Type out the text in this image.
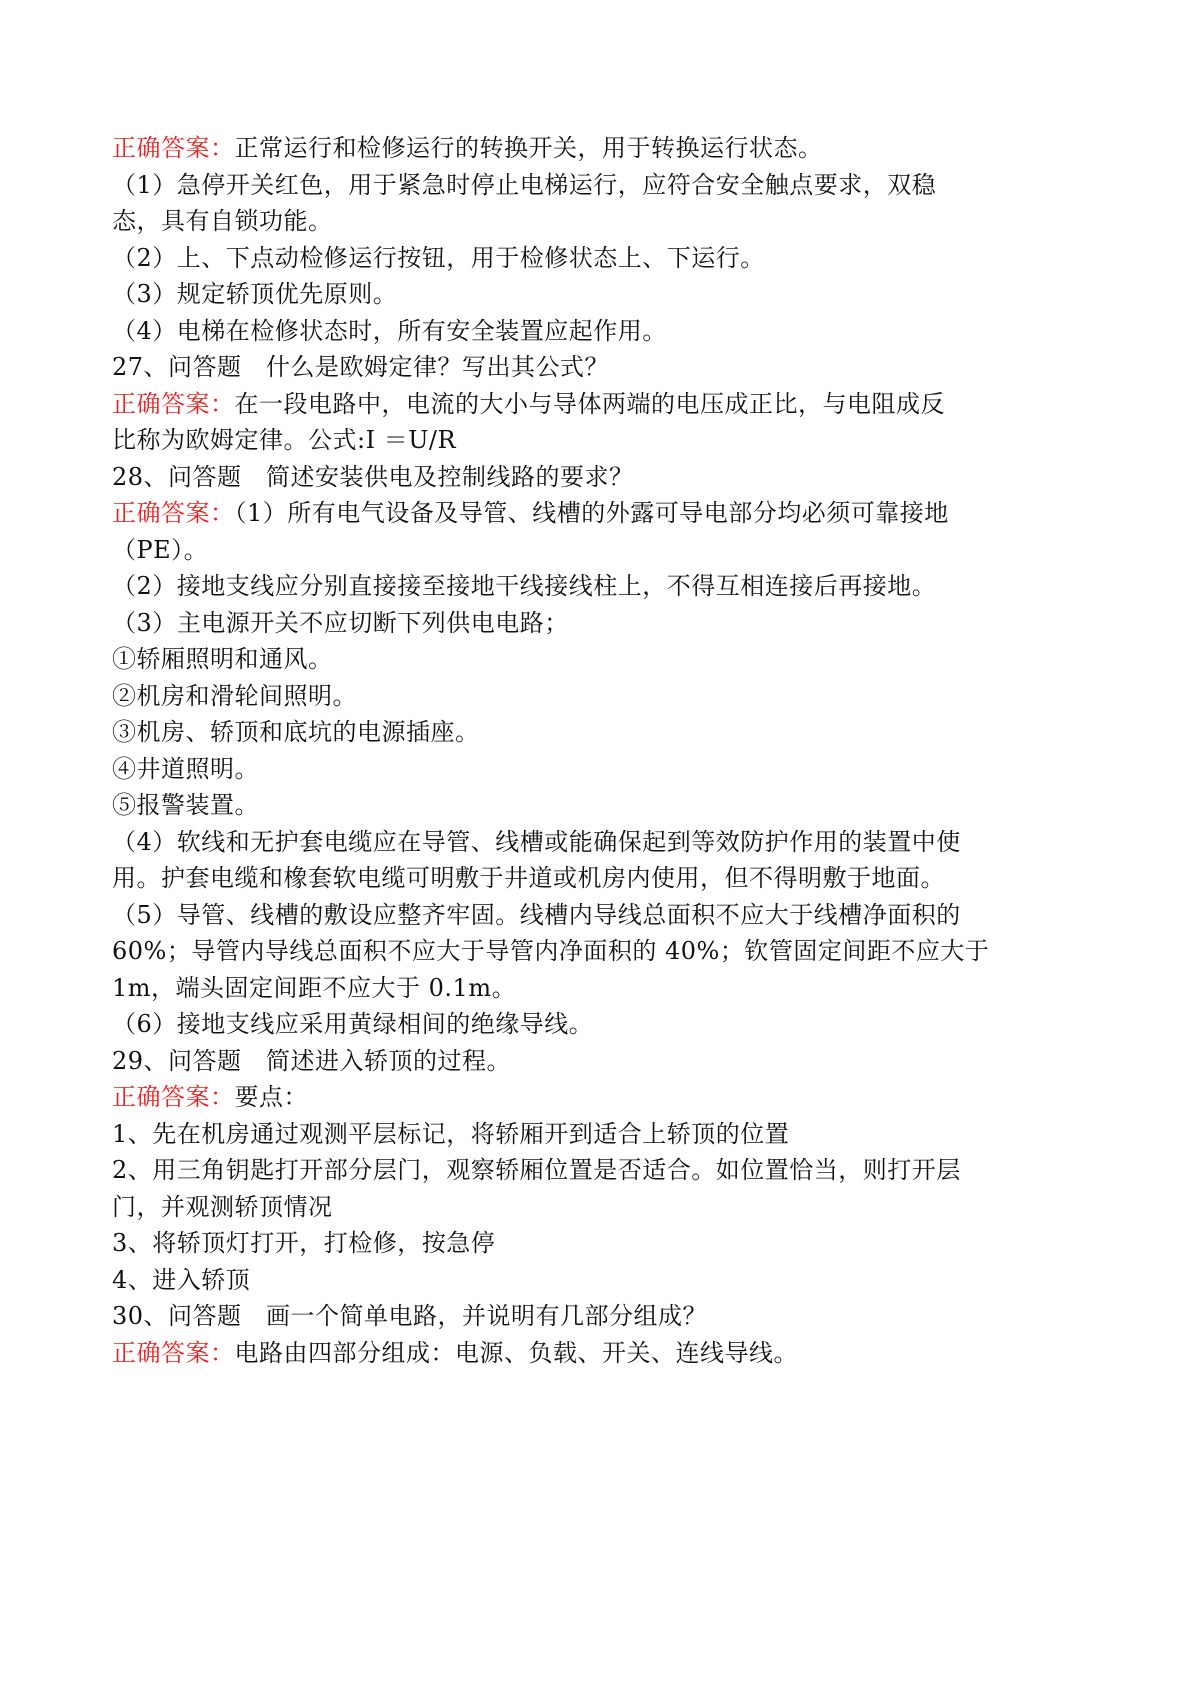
正确答案：正常运行和检修运行的转换开关，用于转换运行状态。
（1）急停开关红色，用于紧急时停止电梯运行，应符合安全触点要求，双稳
态，具有自锁功能。
（2）上、下点动检修运行按钮，用于检修状态上、下运行。
（3）规定轿顶优先原则。
（4）电梯在检修状态时，所有安全装置应起作用。
27、问答题　什么是欧姆定律？写出其公式？
正确答案：在一段电路中，电流的大小与导体两端的电压成正比，与电阻成反
比称为欧姆定律。公式:I ＝U/R
28、问答题　简述安装供电及控制线路的要求？
正确答案：（1）所有电气设备及导管、线槽的外露可导电部分均必须可靠接地
（PE）。
（2）接地支线应分别直接接至接地干线接线柱上，不得互相连接后再接地。
（3）主电源开关不应切断下列供电电路；
①轿厢照明和通风。
②机房和滑轮间照明。
③机房、轿顶和底坑的电源插座。
④井道照明。
⑤报警装置。
（4）软线和无护套电缆应在导管、线槽或能确保起到等效防护作用的装置中使
用。护套电缆和橡套软电缆可明敷于井道或机房内使用，但不得明敷于地面。
（5）导管、线槽的敷设应整齐牢固。线槽内导线总面积不应大于线槽净面积的
60%；导管内导线总面积不应大于导管内净面积的 40%；钦管固定间距不应大于
1m，端头固定间距不应大于 0.1m。
（6）接地支线应采用黄绿相间的绝缘导线。
29、问答题　简述进入轿顶的过程。
正确答案：要点：
1、先在机房通过观测平层标记，将轿厢开到适合上轿顶的位置
2、用三角钥匙打开部分层门，观察轿厢位置是否适合。如位置恰当，则打开层
门，并观测轿顶情况
3、将轿顶灯打开，打检修，按急停
4、进入轿顶
30、问答题　画一个简单电路，并说明有几部分组成？
正确答案：电路由四部分组成：电源、负载、开关、连线导线。
